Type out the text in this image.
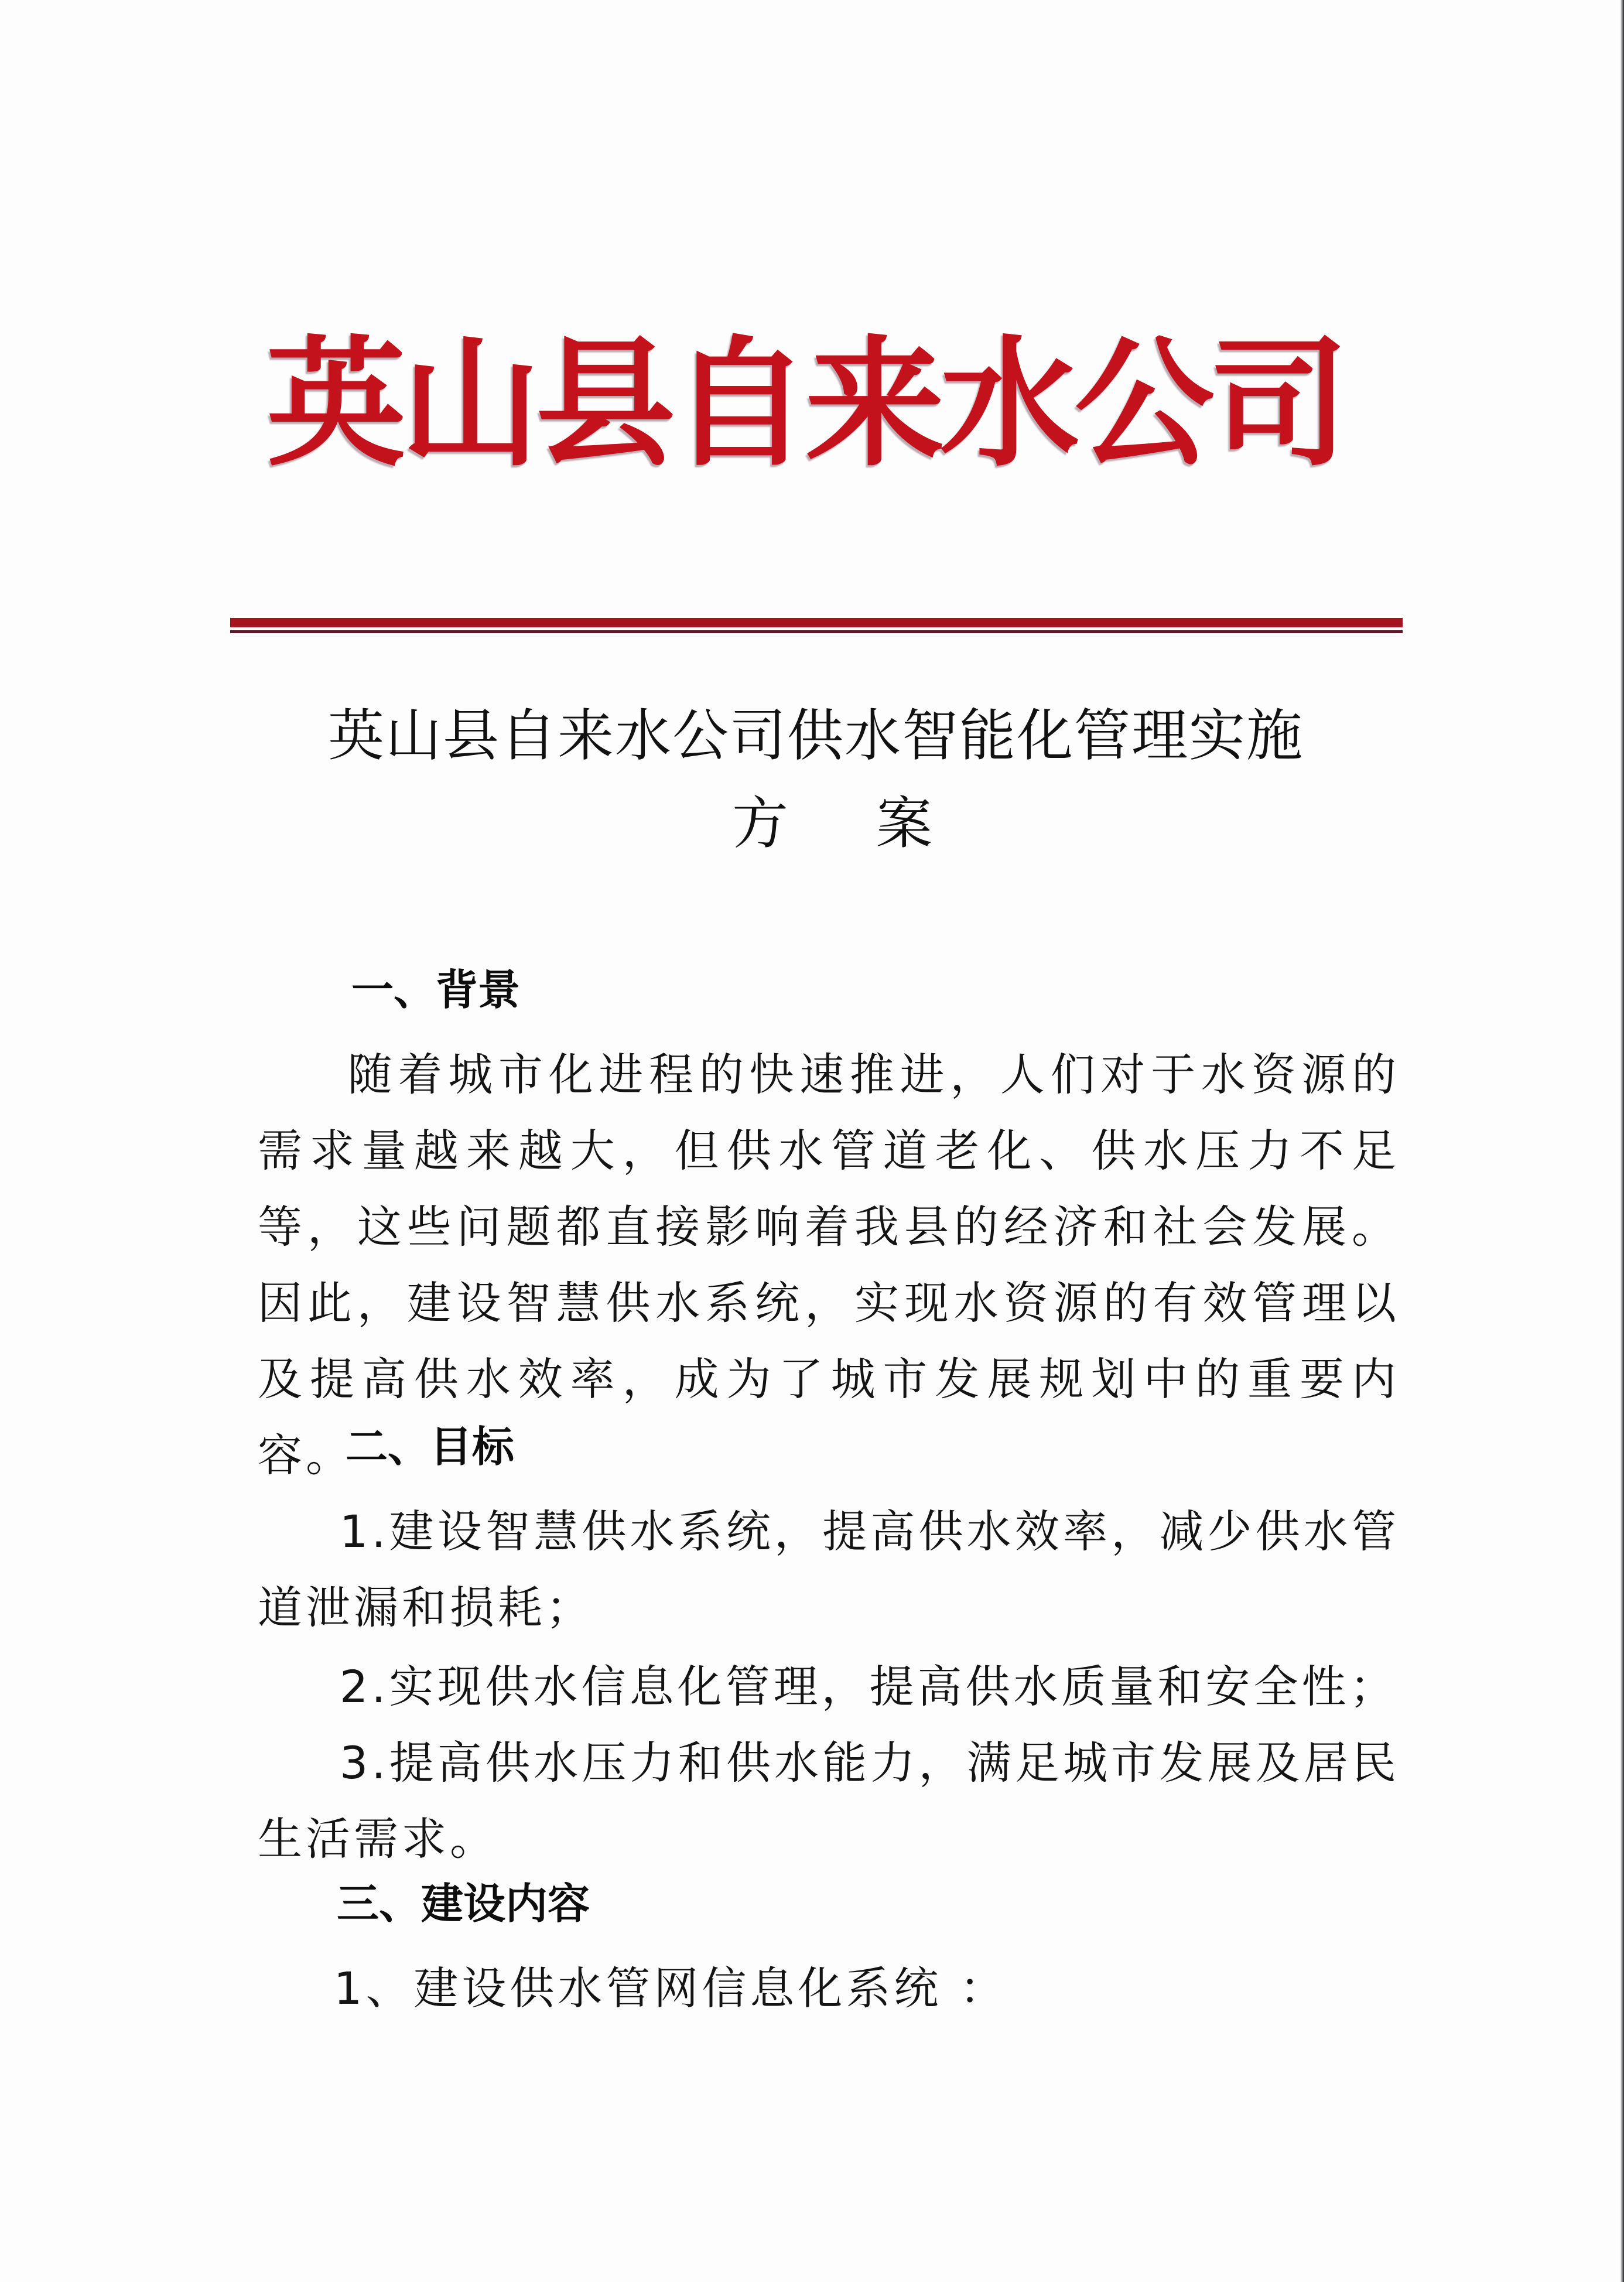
英山县自来水公司
英山县自来水公司供水智能化管理实施
方案
一、背景
随着城市化进程的快速推进，人们对于水资源的需求量越来越大，但供水管道老化、供水压力不足等，这些问题都直接影响着我县的经济和社会发展。因此，建设智慧供水系统，实现水资源的有效管理以及提高供水效率，成为了城市发展规划中的重要内容。
二、目标
1.建设智慧供水系统，提高供水效率，减少供水管道泄漏和损耗；
2.实现供水信息化管理，提高供水质量和安全性；
3.提高供水压力和供水能力，满足城市发展及居民生活需求。
三、建设内容
1、建设供水管网信息化系统 ：
